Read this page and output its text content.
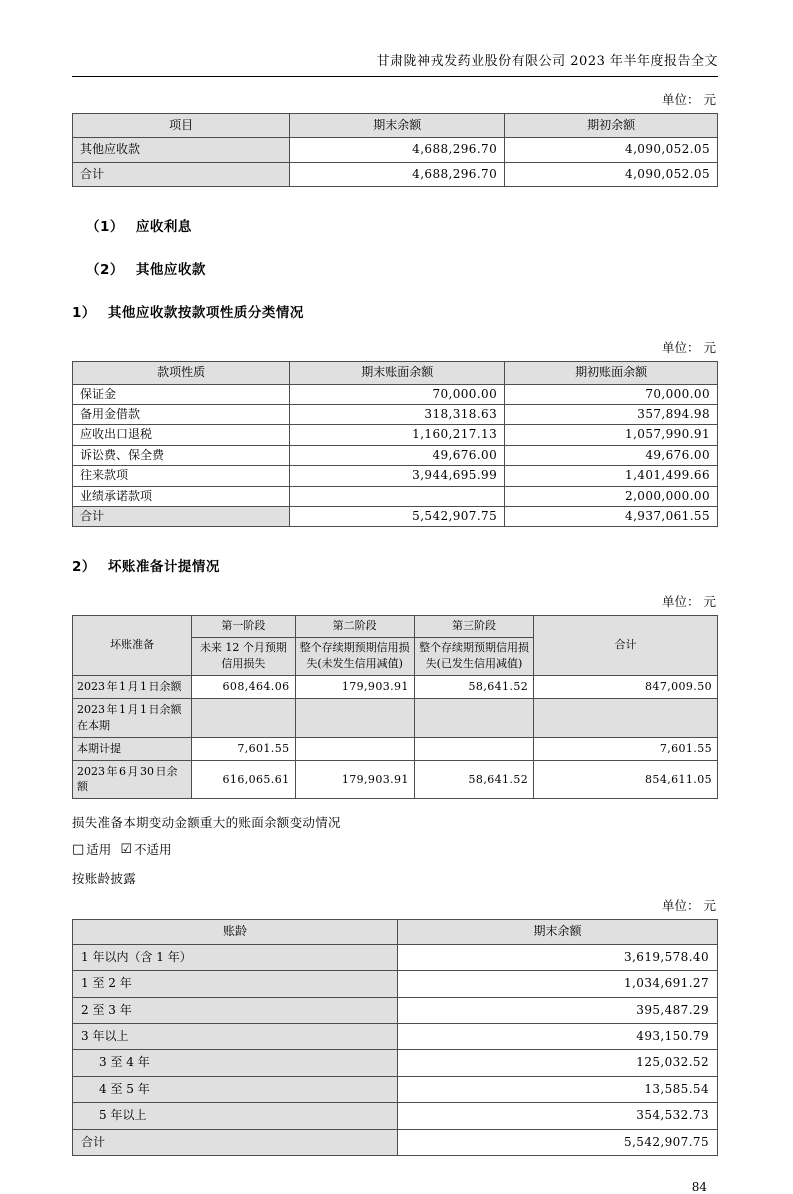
甘肃陇神戎发药业股份有限公司 2023 年半年度报告全文
单位： 元
项目	期末余额	期初余额
其他应收款	4,688,296.70	4,090,052.05
合计	4,688,296.70	4,090,052.05
（1） 应收利息
（2） 其他应收款
1） 其他应收款按款项性质分类情况
单位： 元
款项性质	期末账面余额	期初账面余额
保证金	70,000.00	70,000.00
备用金借款	318,318.63	357,894.98
应收出口退税	1,160,217.13	1,057,990.91
诉讼费、保全费	49,676.00	49,676.00
往来款项	3,944,695.99	1,401,499.66
业绩承诺款项		2,000,000.00
合计	5,542,907.75	4,937,061.55
2） 坏账准备计提情况
单位： 元
坏账准备	第一阶段	第二阶段	第三阶段	合计
	未来 12 个月预期信用损失	整个存续期预期信用损失(未发生信用减值)	整个存续期预期信用损失(已发生信用减值)	
2023 年 1 月 1 日余额	608,464.06	179,903.91	58,641.52	847,009.50
2023 年 1 月 1 日余额在本期				
本期计提	7,601.55			7,601.55
2023 年 6 月 30 日余额	616,065.61	179,903.91	58,641.52	854,611.05
损失准备本期变动金额重大的账面余额变动情况
□ 适用 ☑ 不适用
按账龄披露
单位： 元
账龄	期末余额
1 年以内（含 1 年）	3,619,578.40
1 至 2 年	1,034,691.27
2 至 3 年	395,487.29
3 年以上	493,150.79
3 至 4 年	125,032.52
4 至 5 年	13,585.54
5 年以上	354,532.73
合计	5,542,907.75
84
